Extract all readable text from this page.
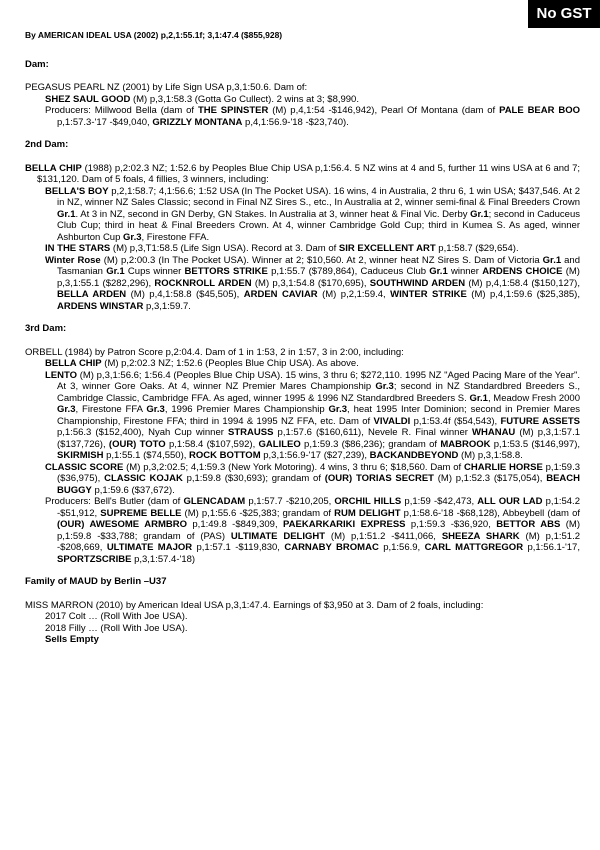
No GST
By AMERICAN IDEAL USA (2002) p,2,1:55.1f; 3,1:47.4 ($855,928)
Dam:

PEGASUS PEARL NZ (2001) by Life Sign USA p,3,1:50.6. Dam of:

SHEZ SAUL GOOD (M) p,3,1:58.3 (Gotta Go Cullect). 2 wins at 3; $8,990.

Producers: Millwood Bella (dam of THE SPINSTER (M) p,4,1:54 -$146,942), Pearl Of Montana (dam of PALE BEAR BOO p,1:57.3-'17 -$49,040, GRIZZLY MONTANA p,4,1:56.9-'18 -$23,740).

2nd Dam:

BELLA CHIP (1988) p,2:02.3 NZ; 1:52.6 by Peoples Blue Chip USA p,1:56.4. 5 NZ wins at 4 and 5, further 11 wins USA at 6 and 7; $131,120. Dam of 5 foals, 4 fillies, 3 winners, including:

BELLA'S BOY p,2,1:58.7; 4,1:56.6; 1:52 USA (In The Pocket USA). 16 wins, 4 in Australia, 2 thru 6, 1 win USA; $437,546. At 2 in NZ, winner NZ Sales Classic; second in Final NZ Sires S., etc., In Australia at 2, winner semi-final & Final Breeders Crown Gr.1. At 3 in NZ, second in GN Derby, GN Stakes. In Australia at 3, winner heat & Final Vic. Derby Gr.1; second in Caduceus Club Cup; third in heat & Final Breeders Crown. At 4, winner Cambridge Gold Cup; third in Kumea S. As aged, winner Ashburton Cup Gr.3, Firestone FFA.

IN THE STARS (M) p,3,T1:58.5 (Life Sign USA). Record at 3. Dam of SIR EXCELLENT ART p,1:58.7 ($29,654).

Winter Rose (M) p,2:00.3 (In The Pocket USA). Winner at 2; $10,560. At 2, winner heat NZ Sires S. Dam of Victoria Gr.1 and Tasmanian Gr.1 Cups winner BETTORS STRIKE p,1:55.7 ($789,864), Caduceus Club Gr.1 winner ARDENS CHOICE (M) p,3,1:55.1 ($282,296), ROCKNROLL ARDEN (M) p,3,1:54.8 ($170,695), SOUTHWIND ARDEN (M) p,4,1:58.4 ($150,127), BELLA ARDEN (M) p,4,1:58.8 ($45,505), ARDEN CAVIAR (M) p,2,1:59.4, WINTER STRIKE (M) p,4,1:59.6 ($25,385), ARDENS WINSTAR p,3,1:59.7.

3rd Dam:

ORBELL (1984) by Patron Score p,2:04.4. Dam of 1 in 1:53, 2 in 1:57, 3 in 2:00, including:

BELLA CHIP (M) p,2:02.3 NZ; 1:52.6 (Peoples Blue Chip USA). As above.

LENTO (M) p,3,1:56.6; 1:56.4 (Peoples Blue Chip USA). 15 wins, 3 thru 6; $272,110. 1995 NZ "Aged Pacing Mare of the Year". At 3, winner Gore Oaks. At 4, winner NZ Premier Mares Championship Gr.3; second in NZ Standardbred Breeders S., Cambridge Classic, Cambridge FFA. As aged, winner 1995 & 1996 NZ Standardbred Breeders S. Gr.1, Meadow Fresh 2000 Gr.3, Firestone FFA Gr.3, 1996 Premier Mares Championship Gr.3, heat 1995 Inter Dominion; second in Premier Mares Championship, Firestone FFA; third in 1994 & 1995 NZ FFA, etc. Dam of VIVALDI p,1:53.4f ($54,543), FUTURE ASSETS p,1:56.3 ($152,400), Nyah Cup winner STRAUSS p,1:57.6 ($160,611), Nevele R. Final winner WHANAU (M) p,3,1:57.1 ($137,726), (OUR) TOTO p,1:58.4 ($107,592), GALILEO p,1:59.3 ($86,236); grandam of MABROOK p,1:53.5 ($146,997), SKIRMISH p,1:55.1 ($74,550), ROCK BOTTOM p,3,1:56.9-'17 ($27,239), BACKANDBEYOND (M) p,3,1:58.8.

CLASSIC SCORE (M) p,3,2:02.5; 4,1:59.3 (New York Motoring). 4 wins, 3 thru 6; $18,560. Dam of CHARLIE HORSE p,1:59.3 ($36,975), CLASSIC KOJAK p,1:59.8 ($30,693); grandam of (OUR) TORIAS SECRET (M) p,1:52.3 ($175,054), BEACH BUGGY p,1:59.6 ($37,672).

Producers: Bell's Butler (dam of GLENCADAM p,1:57.7 -$210,205, ORCHIL HILLS p,1:59 -$42,473, ALL OUR LAD p,1:54.2 -$51,912, SUPREME BELLE (M) p,1:55.6 -$25,383; grandam of RUM DELIGHT p,1:58.6-'18 -$68,128), Abbeybell (dam of (OUR) AWESOME ARMBRO p,1:49.8 -$849,309, PAEKARKARIKI EXPRESS p,1:59.3 -$36,920, BETTOR ABS (M) p,1:59.8 -$33,788; grandam of (PAS) ULTIMATE DELIGHT (M) p,1:51.2 -$411,066, SHEEZA SHARK (M) p,1:51.2 -$208,669, ULTIMATE MAJOR p,1:57.1 -$119,830, CARNABY BROMAC p,1:56.9, CARL MATTGREGOR p,1:56.1-'17, SPORTZSCRIBE p,3,1:57.4-'18)

Family of MAUD by Berlin –U37

MISS MARRON (2010) by American Ideal USA p,3,1:47.4. Earnings of $3,950 at 3. Dam of 2 foals, including:

2017 Colt … (Roll With Joe USA).

2018 Filly … (Roll With Joe USA).

Sells Empty
